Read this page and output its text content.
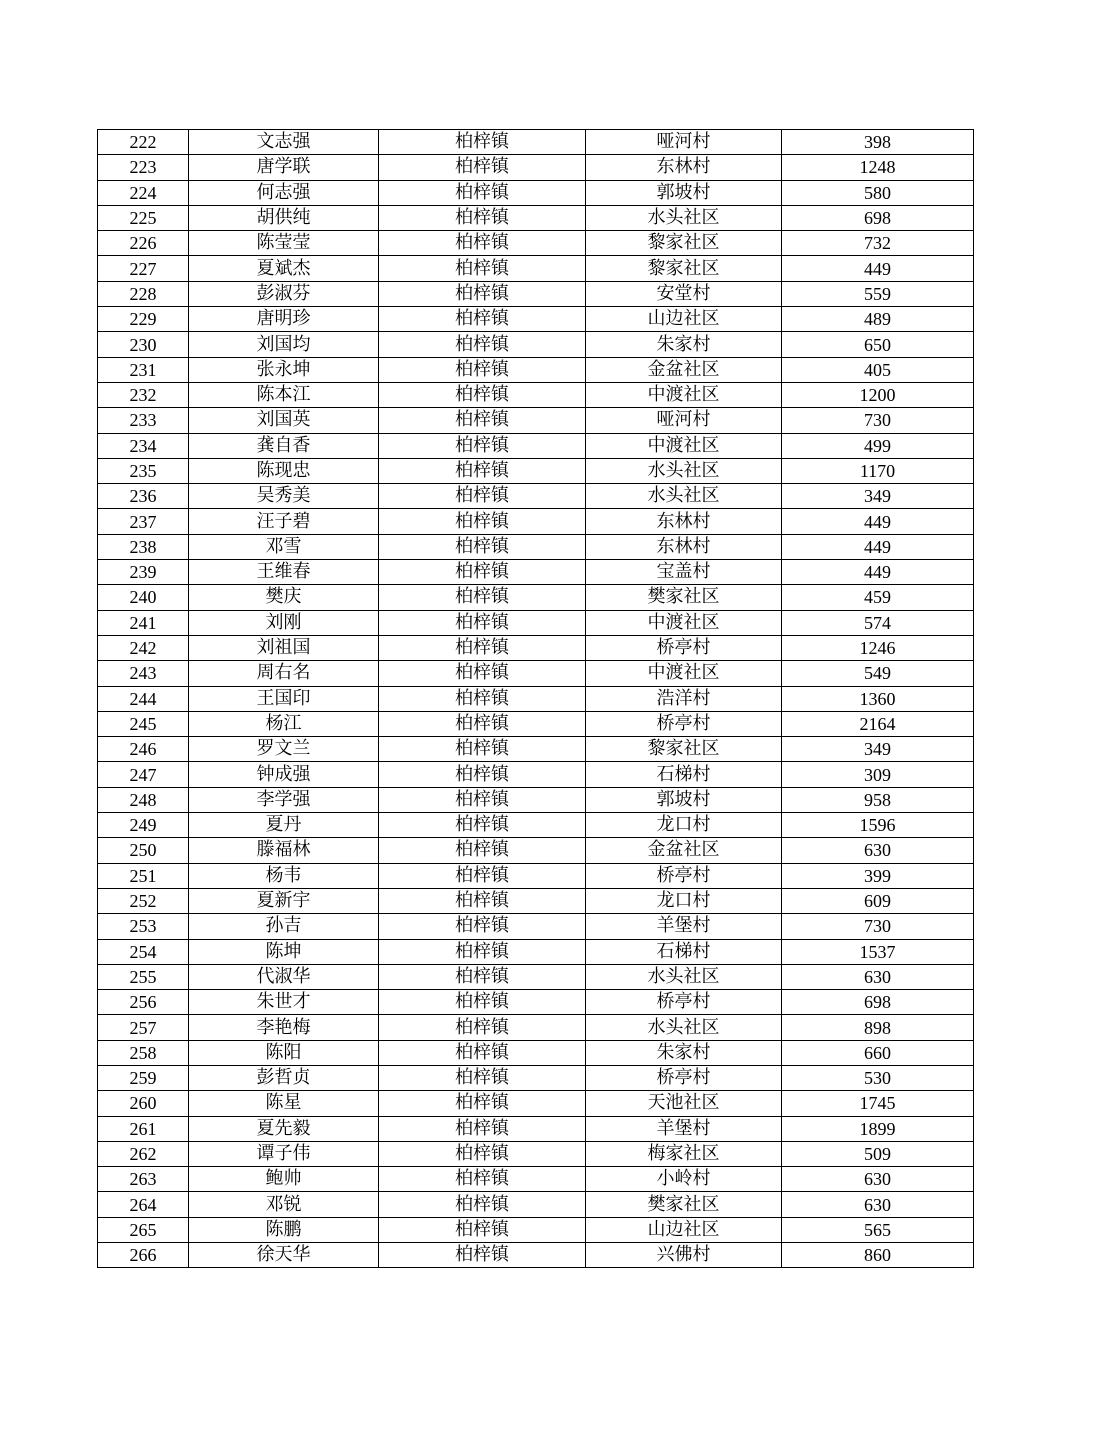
222	文志强	柏梓镇	哑河村	398
223	唐学联	柏梓镇	东林村	1248
224	何志强	柏梓镇	郭坡村	580
225	胡供纯	柏梓镇	水头社区	698
226	陈莹莹	柏梓镇	黎家社区	732
227	夏斌杰	柏梓镇	黎家社区	449
228	彭淑芬	柏梓镇	安堂村	559
229	唐明珍	柏梓镇	山边社区	489
230	刘国均	柏梓镇	朱家村	650
231	张永坤	柏梓镇	金盆社区	405
232	陈本江	柏梓镇	中渡社区	1200
233	刘国英	柏梓镇	哑河村	730
234	龚自香	柏梓镇	中渡社区	499
235	陈现忠	柏梓镇	水头社区	1170
236	吴秀美	柏梓镇	水头社区	349
237	汪子碧	柏梓镇	东林村	449
238	邓雪	柏梓镇	东林村	449
239	王维春	柏梓镇	宝盖村	449
240	樊庆	柏梓镇	樊家社区	459
241	刘刚	柏梓镇	中渡社区	574
242	刘祖国	柏梓镇	桥亭村	1246
243	周右名	柏梓镇	中渡社区	549
244	王国印	柏梓镇	浩洋村	1360
245	杨江	柏梓镇	桥亭村	2164
246	罗文兰	柏梓镇	黎家社区	349
247	钟成强	柏梓镇	石梯村	309
248	李学强	柏梓镇	郭坡村	958
249	夏丹	柏梓镇	龙口村	1596
250	滕福林	柏梓镇	金盆社区	630
251	杨韦	柏梓镇	桥亭村	399
252	夏新宇	柏梓镇	龙口村	609
253	孙吉	柏梓镇	羊堡村	730
254	陈坤	柏梓镇	石梯村	1537
255	代淑华	柏梓镇	水头社区	630
256	朱世才	柏梓镇	桥亭村	698
257	李艳梅	柏梓镇	水头社区	898
258	陈阳	柏梓镇	朱家村	660
259	彭哲贞	柏梓镇	桥亭村	530
260	陈星	柏梓镇	天池社区	1745
261	夏先毅	柏梓镇	羊堡村	1899
262	谭子伟	柏梓镇	梅家社区	509
263	鲍帅	柏梓镇	小岭村	630
264	邓锐	柏梓镇	樊家社区	630
265	陈鹏	柏梓镇	山边社区	565
266	徐天华	柏梓镇	兴佛村	860
